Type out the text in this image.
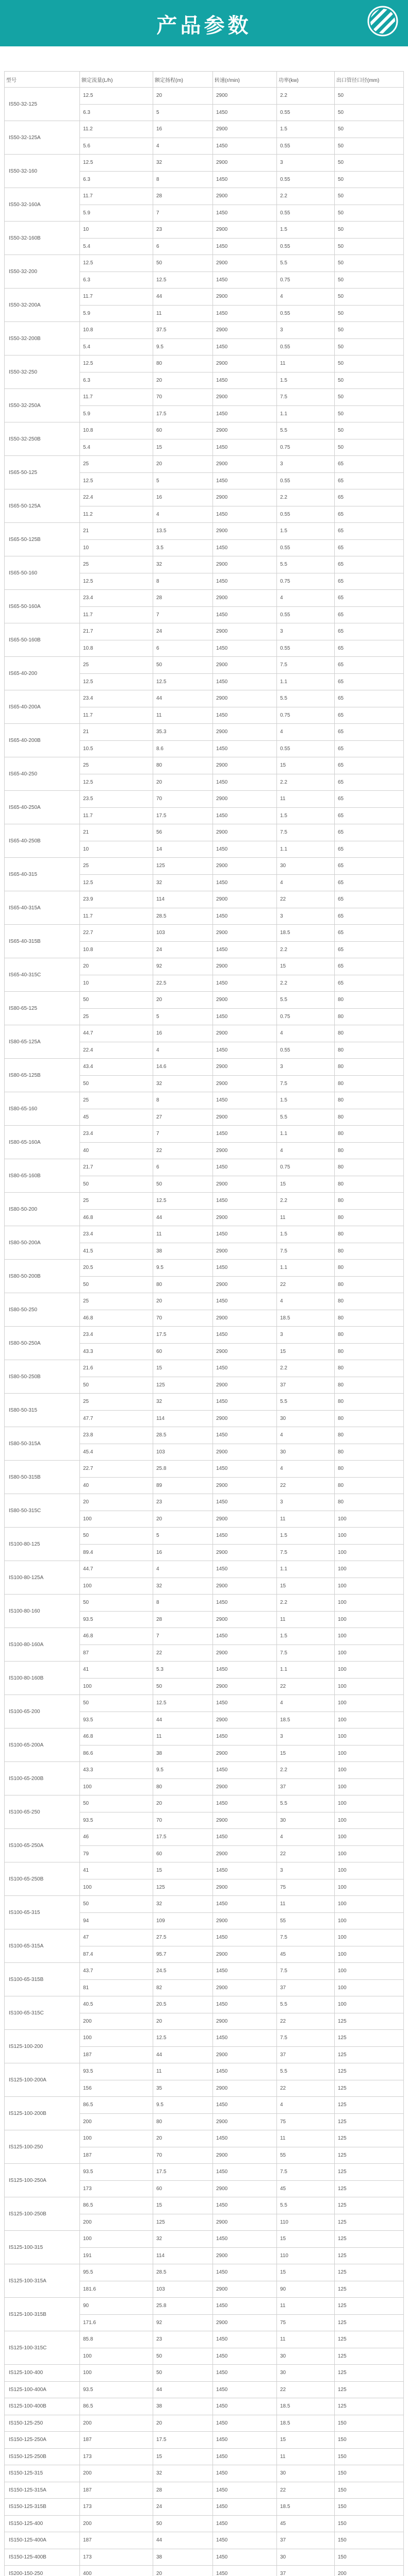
产品参数
型号	额定流量(L/h)	额定扬程(m)	转速(r/min)	功率(kw)	出口管径口径(mm)
IS50-32-125	12.5	20	2900	2.2	50
	6.3	5	1450	0.55	50
IS50-32-125A	11.2	16	2900	1.5	50
	5.6	4	1450	0.55	50
IS50-32-160	12.5	32	2900	3	50
	6.3	8	1450	0.55	50
IS50-32-160A	11.7	28	2900	2.2	50
	5.9	7	1450	0.55	50
IS50-32-160B	10	23	2900	1.5	50
	5.4	6	1450	0.55	50
IS50-32-200	12.5	50	2900	5.5	50
	6.3	12.5	1450	0.75	50
IS50-32-200A	11.7	44	2900	4	50
	5.9	11	1450	0.55	50
IS50-32-200B	10.8	37.5	2900	3	50
	5.4	9.5	1450	0.55	50
IS50-32-250	12.5	80	2900	11	50
	6.3	20	1450	1.5	50
IS50-32-250A	11.7	70	2900	7.5	50
	5.9	17.5	1450	1.1	50
IS50-32-250B	10.8	60	2900	5.5	50
	5.4	15	1450	0.75	50
IS65-50-125	25	20	2900	3	65
	12.5	5	1450	0.55	65
IS65-50-125A	22.4	16	2900	2.2	65
	11.2	4	1450	0.55	65
IS65-50-125B	21	13.5	2900	1.5	65
	10	3.5	1450	0.55	65
IS65-50-160	25	32	2900	5.5	65
	12.5	8	1450	0.75	65
IS65-50-160A	23.4	28	2900	4	65
	11.7	7	1450	0.55	65
IS65-50-160B	21.7	24	2900	3	65
	10.8	6	1450	0.55	65
IS65-40-200	25	50	2900	7.5	65
	12.5	12.5	1450	1.1	65
IS65-40-200A	23.4	44	2900	5.5	65
	11.7	11	1450	0.75	65
IS65-40-200B	21	35.3	2900	4	65
	10.5	8.6	1450	0.55	65
IS65-40-250	25	80	2900	15	65
	12.5	20	1450	2.2	65
IS65-40-250A	23.5	70	2900	11	65
	11.7	17.5	1450	1.5	65
IS65-40-250B	21	56	2900	7.5	65
	10	14	1450	1.1	65
IS65-40-315	25	125	2900	30	65
	12.5	32	1450	4	65
IS65-40-315A	23.9	114	2900	22	65
	11.7	28.5	1450	3	65
IS65-40-315B	22.7	103	2900	18.5	65
	10.8	24	1450	2.2	65
IS65-40-315C	20	92	2900	15	65
	10	22.5	1450	2.2	65
IS80-65-125	50	20	2900	5.5	80
	25	5	1450	0.75	80
IS80-65-125A	44.7	16	2900	4	80
	22.4	4	1450	0.55	80
IS80-65-125B	43.4	14.6	2900	3	80
	50	32	2900	7.5	80
IS80-65-160	25	8	1450	1.5	80
	45	27	2900	5.5	80
IS80-65-160A	23.4	7	1450	1.1	80
	40	22	2900	4	80
IS80-65-160B	21.7	6	1450	0.75	80
	50	50	2900	15	80
IS80-50-200	25	12.5	1450	2.2	80
	46.8	44	2900	11	80
IS80-50-200A	23.4	11	1450	1.5	80
	41.5	38	2900	7.5	80
IS80-50-200B	20.5	9.5	1450	1.1	80
	50	80	2900	22	80
IS80-50-250	25	20	1450	4	80
	46.8	70	2900	18.5	80
IS80-50-250A	23.4	17.5	1450	3	80
	43.3	60	2900	15	80
IS80-50-250B	21.6	15	1450	2.2	80
	50	125	2900	37	80
IS80-50-315	25	32	1450	5.5	80
	47.7	114	2900	30	80
IS80-50-315A	23.8	28.5	1450	4	80
	45.4	103	2900	30	80
IS80-50-315B	22.7	25.8	1450	4	80
	40	89	2900	22	80
IS80-50-315C	20	23	1450	3	80
	100	20	2900	11	100
IS100-80-125	50	5	1450	1.5	100
	89.4	16	2900	7.5	100
IS100-80-125A	44.7	4	1450	1.1	100
	100	32	2900	15	100
IS100-80-160	50	8	1450	2.2	100
	93.5	28	2900	11	100
IS100-80-160A	46.8	7	1450	1.5	100
	87	22	2900	7.5	100
IS100-80-160B	41	5.3	1450	1.1	100
	100	50	2900	22	100
IS100-65-200	50	12.5	1450	4	100
	93.5	44	2900	18.5	100
IS100-65-200A	46.8	11	1450	3	100
	86.6	38	2900	15	100
IS100-65-200B	43.3	9.5	1450	2.2	100
	100	80	2900	37	100
IS100-65-250	50	20	1450	5.5	100
	93.5	70	2900	30	100
IS100-65-250A	46	17.5	1450	4	100
	79	60	2900	22	100
IS100-65-250B	41	15	1450	3	100
	100	125	2900	75	100
IS100-65-315	50	32	1450	11	100
	94	109	2900	55	100
IS100-65-315A	47	27.5	1450	7.5	100
	87.4	95.7	2900	45	100
IS100-65-315B	43.7	24.5	1450	7.5	100
	81	82	2900	37	100
IS100-65-315C	40.5	20.5	1450	5.5	100
	200	20	2900	22	125
IS125-100-200	100	12.5	1450	7.5	125
	187	44	2900	37	125
IS125-100-200A	93.5	11	1450	5.5	125
	156	35	2900	22	125
IS125-100-200B	86.5	9.5	1450	4	125
	200	80	2900	75	125
IS125-100-250	100	20	1450	11	125
	187	70	2900	55	125
IS125-100-250A	93.5	17.5	1450	7.5	125
	173	60	2900	45	125
IS125-100-250B	86.5	15	1450	5.5	125
	200	125	2900	110	125
IS125-100-315	100	32	1450	15	125
	191	114	2900	110	125
IS125-100-315A	95.5	28.5	1450	15	125
	181.6	103	2900	90	125
IS125-100-315B	90	25.8	1450	11	125
	171.6	92	2900	75	125
IS125-100-315C	85.8	23	1450	11	125
	100	50	1450	30	125
IS125-100-400	100	50	1450	30	125
IS125-100-400A	93.5	44	1450	22	125
IS125-100-400B	86.5	38	1450	18.5	125
IS150-125-250	200	20	1450	18.5	150
IS150-125-250A	187	17.5	1450	15	150
IS150-125-250B	173	15	1450	11	150
IS150-125-315	200	32	1450	30	150
IS150-125-315A	187	28	1450	22	150
IS150-125-315B	173	24	1450	18.5	150
IS150-125-400	200	50	1450	45	150
IS150-125-400A	187	44	1450	37	150
IS150-125-400B	173	38	1450	30	150
IS200-150-250	400	20	1450	37	200
